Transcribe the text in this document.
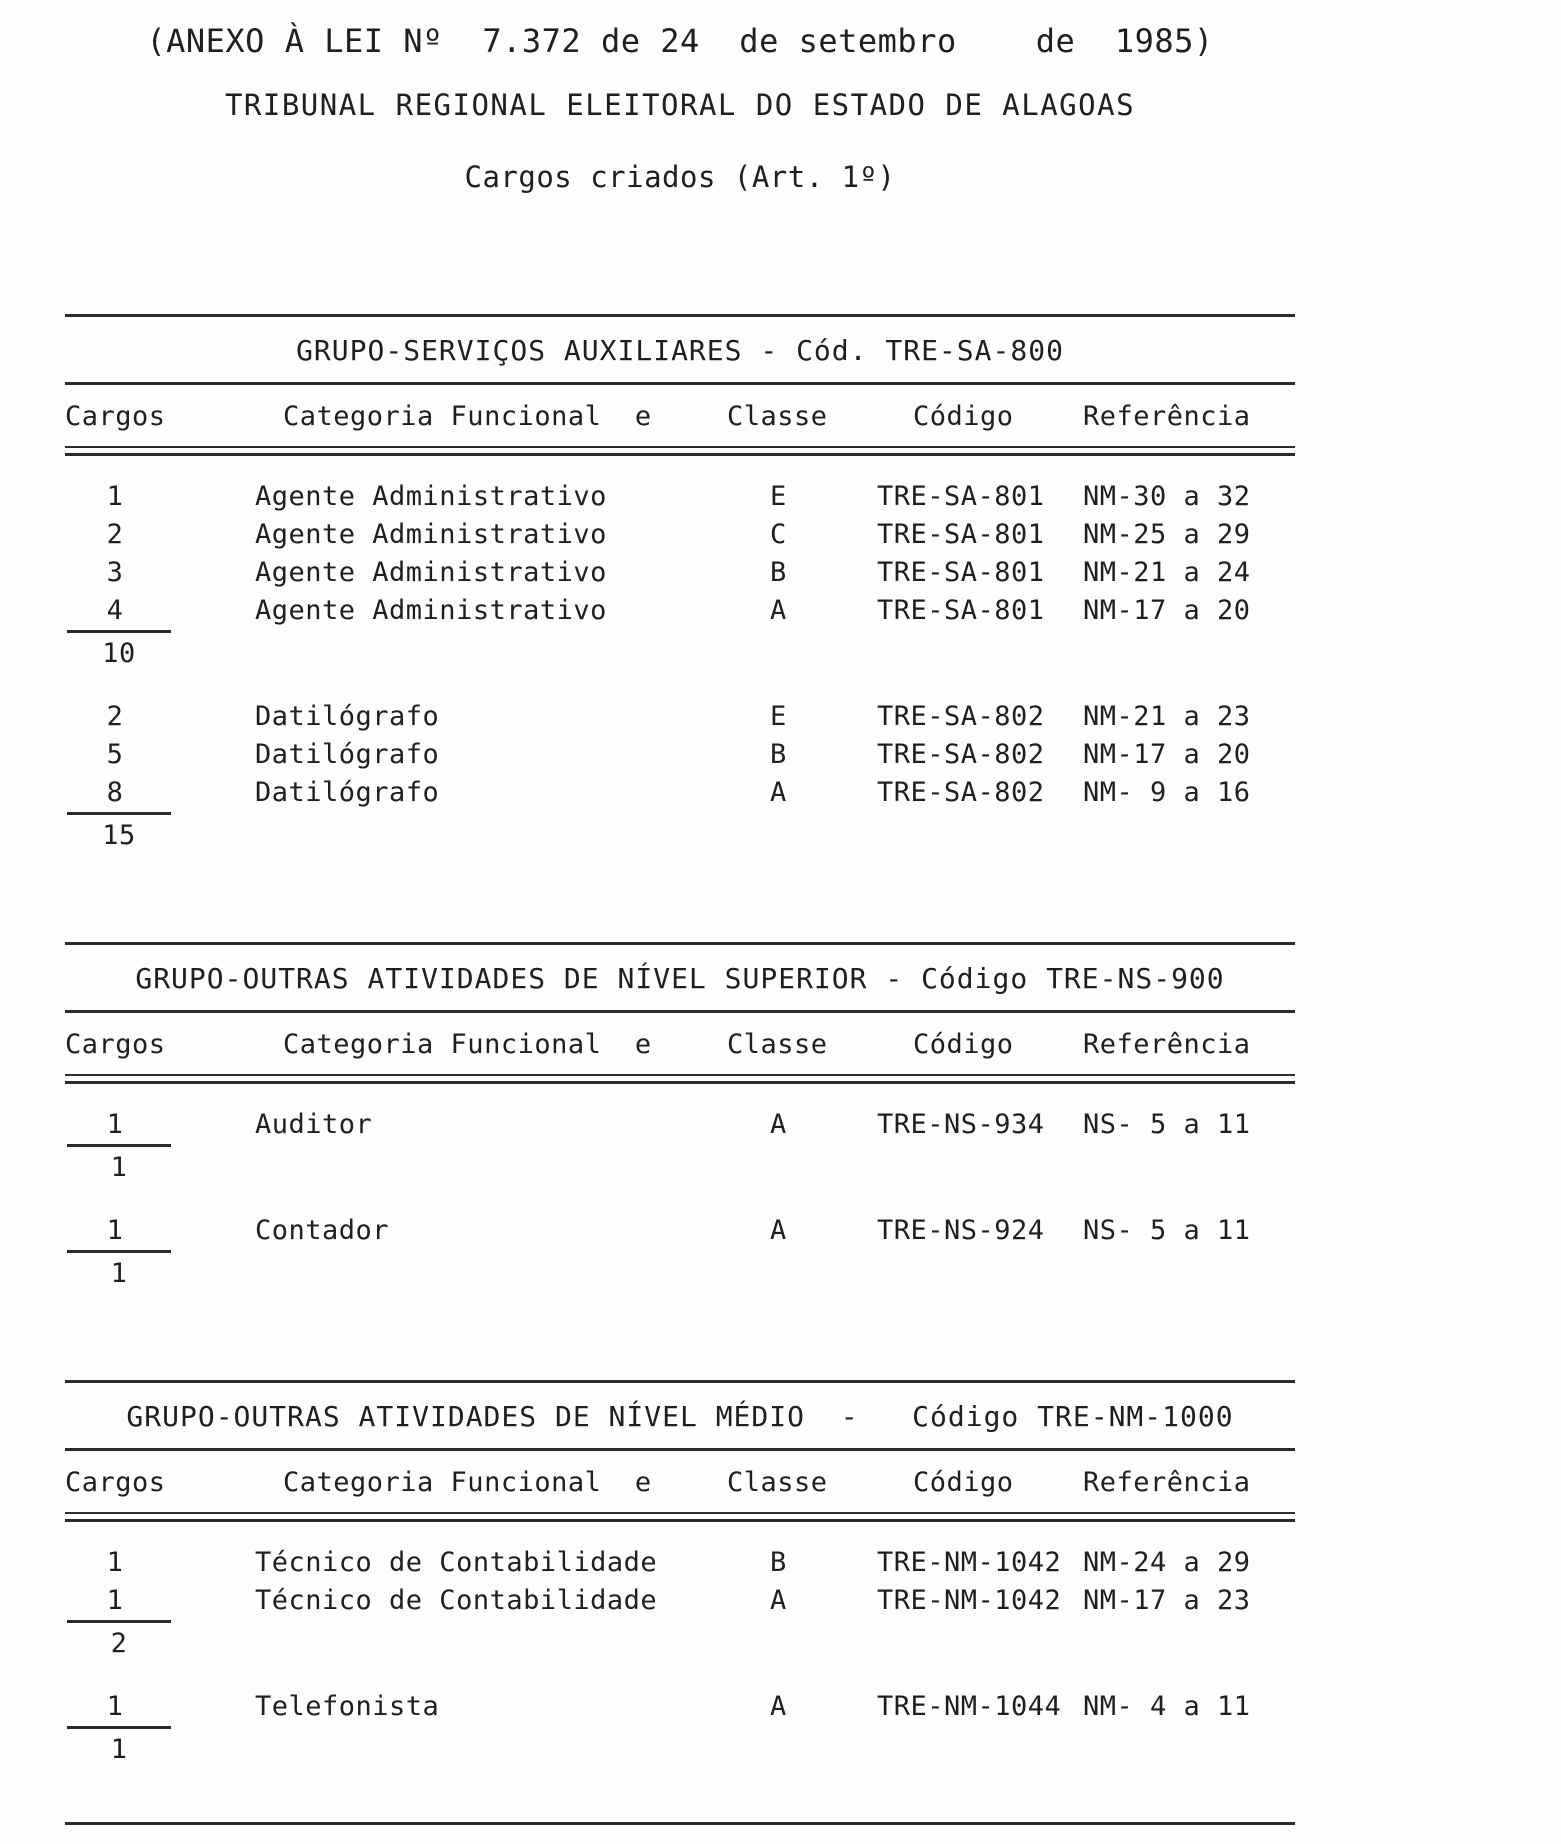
(ANEXO À LEI Nº  7.372 de 24  de setembro    de  1985)
TRIBUNAL REGIONAL ELEITORAL DO ESTADO DE ALAGOAS
Cargos criados (Art. 1º)
GRUPO-SERVIÇOS AUXILIARES - Cód. TRE-SA-800
Cargos	Categoria Funcional  e	Classe	Código	Referência
1	Agente Administrativo	E	TRE-SA-801	NM-30 a 32
2	Agente Administrativo	C	TRE-SA-801	NM-25 a 29
3	Agente Administrativo	B	TRE-SA-801	NM-21 a 24
4	Agente Administrativo	A	TRE-SA-801	NM-17 a 20
10
2	Datilógrafo	E	TRE-SA-802	NM-21 a 23
5	Datilógrafo	B	TRE-SA-802	NM-17 a 20
8	Datilógrafo	A	TRE-SA-802	NM- 9 a 16
15
GRUPO-OUTRAS ATIVIDADES DE NÍVEL SUPERIOR - Código TRE-NS-900
Cargos	Categoria Funcional  e	Classe	Código	Referência
1	Auditor	A	TRE-NS-934	NS- 5 a 11
1
1	Contador	A	TRE-NS-924	NS- 5 a 11
1
GRUPO-OUTRAS ATIVIDADES DE NÍVEL MÉDIO  -   Código TRE-NM-1000
Cargos	Categoria Funcional  e	Classe	Código	Referência
1	Técnico de Contabilidade	B	TRE-NM-1042 NM-24 a 29
1	Técnico de Contabilidade	A	TRE-NM-1042 NM-17 a 23
2
1	Telefonista	A	TRE-NM-1044 NM- 4 a 11
1
